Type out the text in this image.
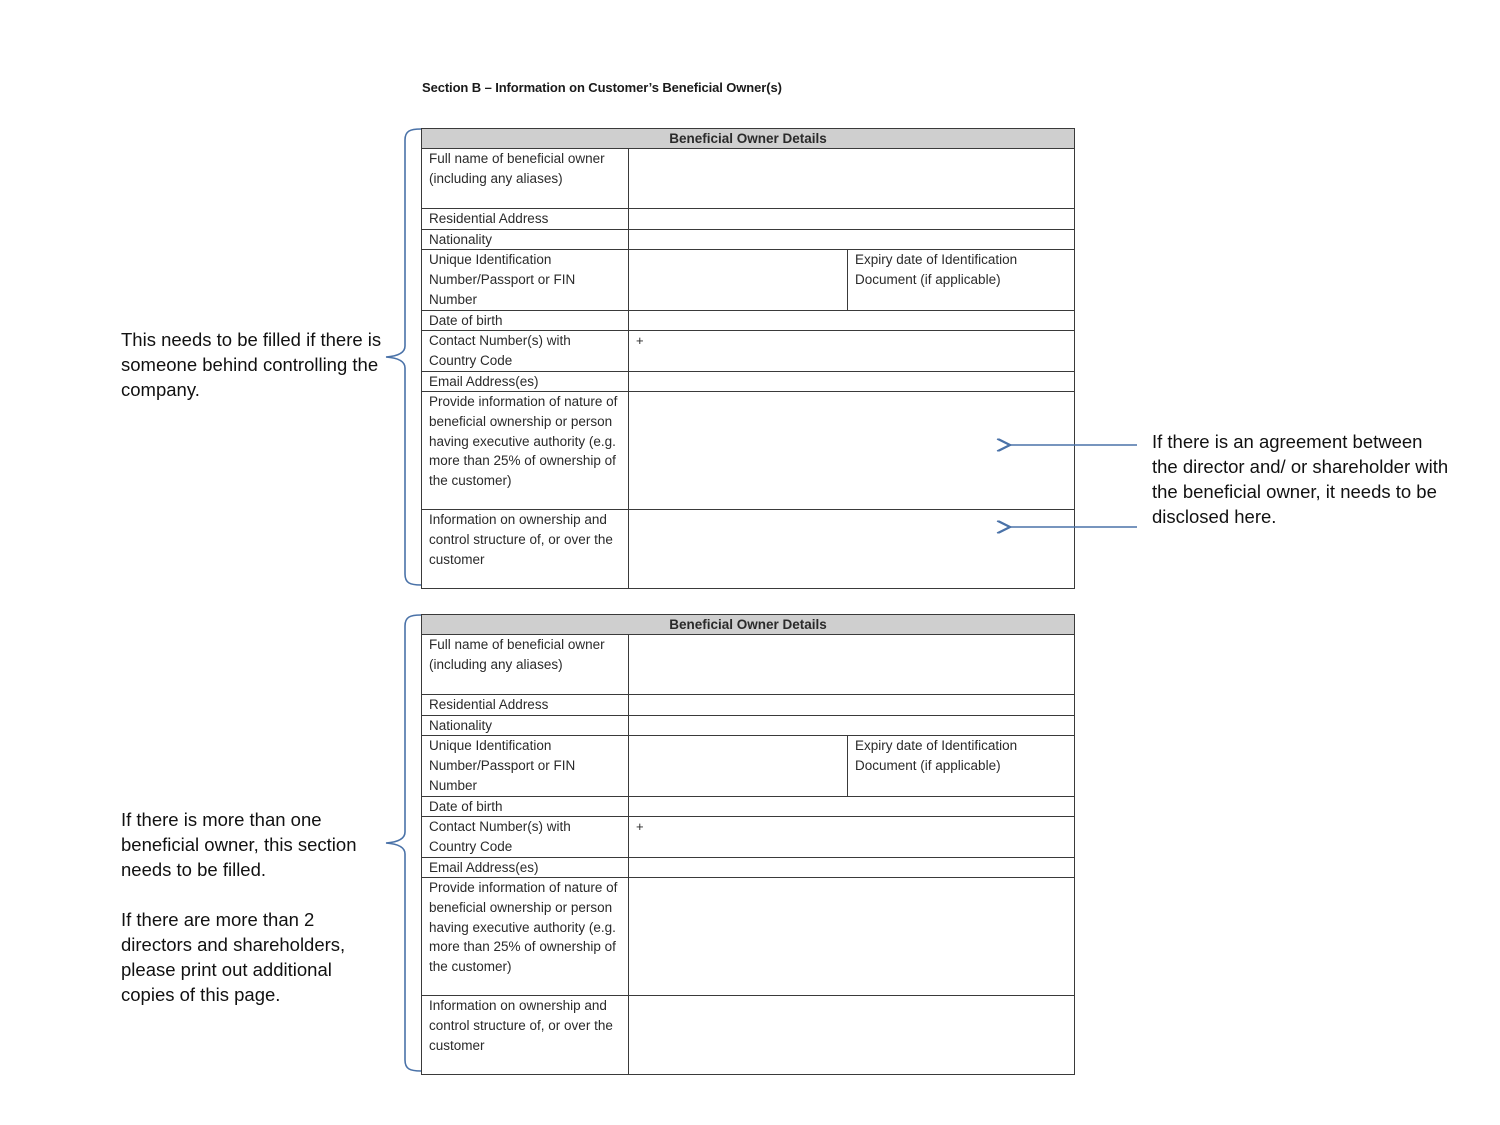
Section B – Information on Customer’s Beneficial Owner(s)
Beneficial Owner Details		
Full name of beneficial owner (including any aliases)		
Residential Address		
Nationality		
Unique Identification Number/Passport or FIN Number		Expiry date of Identification Document (if applicable)
Date of birth		
Contact Number(s) with Country Code	+	
Email Address(es)		
Provide information of nature of beneficial ownership or person having executive authority (e.g. more than 25% of ownership of the customer)		
Information on ownership and control structure of, or over the customer		
Beneficial Owner Details		
Full name of beneficial owner (including any aliases)		
Residential Address		
Nationality		
Unique Identification Number/Passport or FIN Number		Expiry date of Identification Document (if applicable)
Date of birth		
Contact Number(s) with Country Code	+	
Email Address(es)		
Provide information of nature of beneficial ownership or person having executive authority (e.g. more than 25% of ownership of the customer)		
Information on ownership and control structure of, or over the customer		
This needs to be filled if there is someone behind controlling the company.
If there is an agreement between the director and/ or shareholder with the beneficial owner, it needs to be disclosed here.

If there is more than one beneficial owner, this section needs to be filled.

If there are more than 2 directors and shareholders, please print out additional copies of this page.
